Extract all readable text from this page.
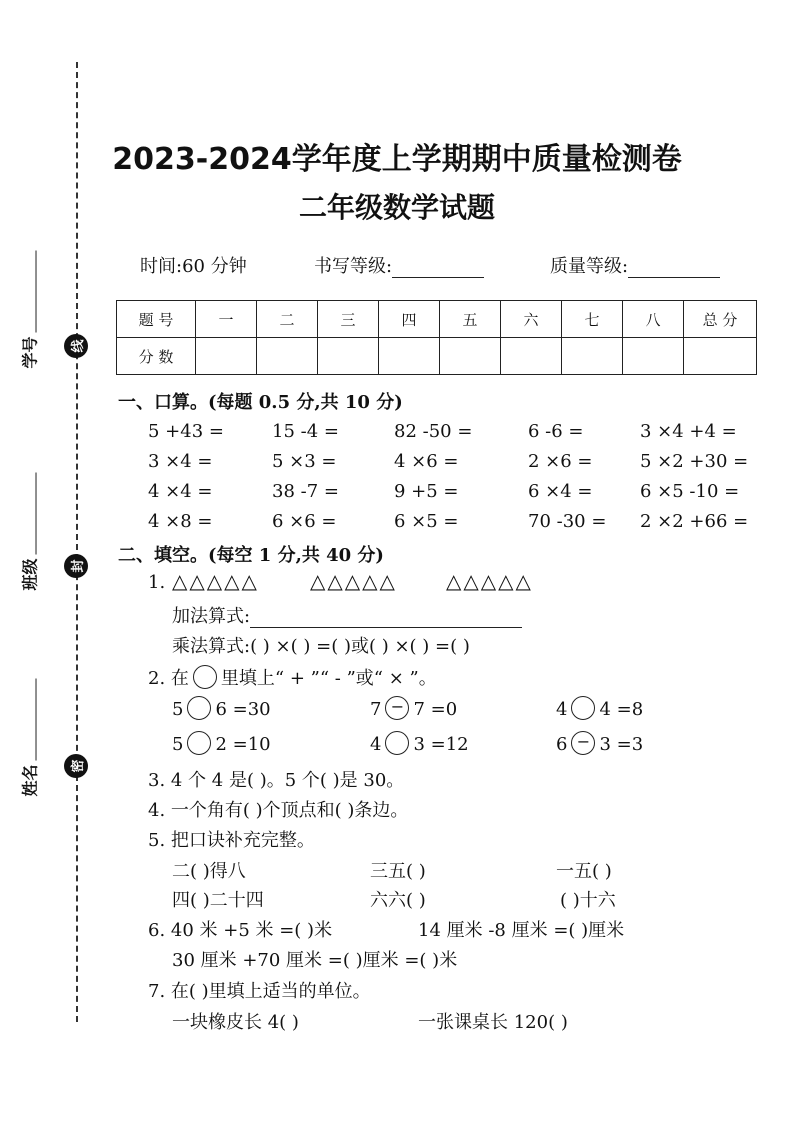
线
封
密
学号
班级
姓名
2023-2024学年度上学期期中质量检测卷
二年级数学试题
时间:60 分钟	书写等级:	质量等级:
题 号	一	二	三	四	五	六	七	八	总 分
分 数									
一、口算。(每题 0.5 分,共 10 分)
5 +43 =	15 -4 =	82 -50 =	6 -6 =	3 ×4 +4 =
3 ×4 =	5 ×3 =	4 ×6 =	2 ×6 =	5 ×2 +30 =
4 ×4 =	38 -7 =	9 +5 =	6 ×4 =	6 ×5 -10 =
4 ×8 =	6 ×6 =	6 ×5 =	70 -30 = 2 ×2 +66 =
二、填空。(每空 1 分,共 40 分)
1. △△△△△	△△△△△ △△△△△
加法算式:
乘法算式:( ) ×( ) =( )或( ) ×( ) =( )
2. 在 里填上“ + ”“ - ”或“ × ”。
5 6 =30	7 − 7 =0	4 4 =8
5 2 =10	4 3 =12	6 − 3 =3
3. 4 个 4 是( )。5 个( )是 30。
4. 一个角有( )个顶点和( )条边。
5. 把口诀补充完整。
二( )得八	三五( )	一五( )
四( )二十四	六六( )	( )十六
6. 40 米 +5 米 =( )米	14 厘米 -8 厘米 =( )厘米
30 厘米 +70 厘米 =( )厘米 =( )米
7. 在( )里填上适当的单位。
一块橡皮长 4( )	一张课桌长 120( )
